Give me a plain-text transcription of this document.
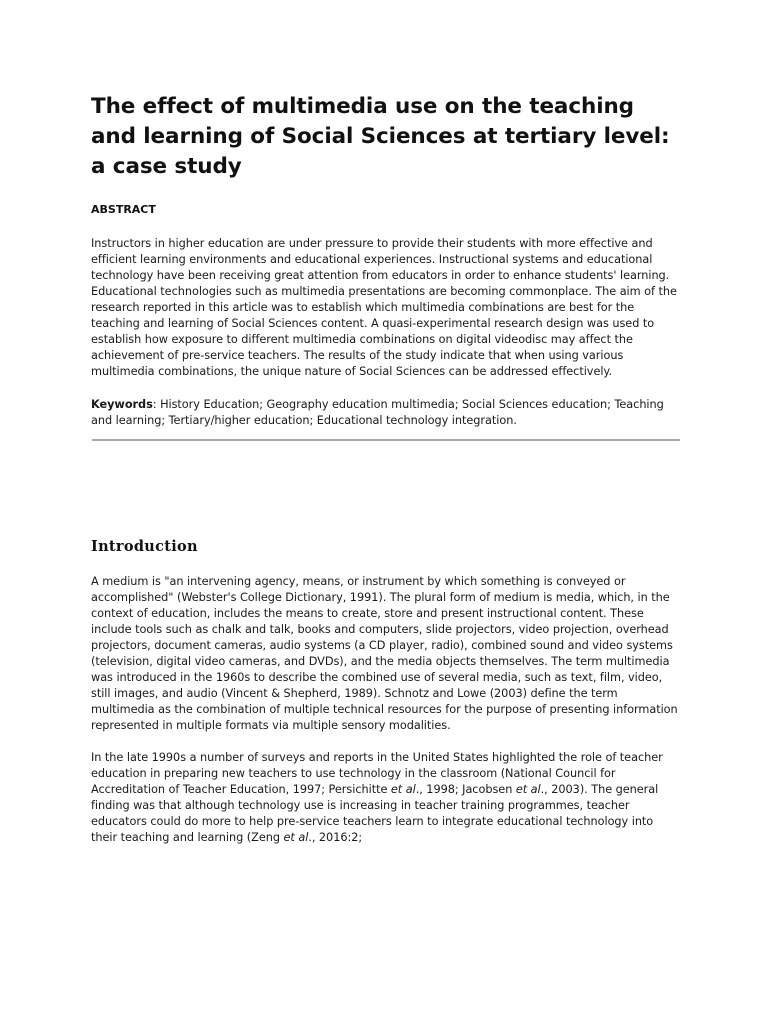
The effect of multimedia use on the teaching and learning of Social Sciences at tertiary level: a case study
ABSTRACT

Instructors in higher education are under pressure to provide their students with more effective and efficient learning environments and educational experiences. Instructional systems and educational technology have been receiving great attention from educators in order to enhance students' learning. Educational technologies such as multimedia presentations are becoming commonplace. The aim of the research reported in this article was to establish which multimedia combinations are best for the teaching and learning of Social Sciences content. A quasi-experimental research design was used to establish how exposure to different multimedia combinations on digital videodisc may affect the achievement of pre-service teachers. The results of the study indicate that when using various multimedia combinations, the unique nature of Social Sciences can be addressed effectively.

Keywords: History Education; Geography education multimedia; Social Sciences education; Teaching and learning; Tertiary/higher education; Educational technology integration.

Introduction

A medium is "an intervening agency, means, or instrument by which something is conveyed or accomplished" (Webster's College Dictionary, 1991). The plural form of medium is media, which, in the context of education, includes the means to create, store and present instructional content. These include tools such as chalk and talk, books and computers, slide projectors, video projection, overhead projectors, document cameras, audio systems (a CD player, radio), combined sound and video systems (television, digital video cameras, and DVDs), and the media objects themselves. The term multimedia was introduced in the 1960s to describe the combined use of several media, such as text, film, video, still images, and audio (Vincent & Shepherd, 1989). Schnotz and Lowe (2003) define the term multimedia as the combination of multiple technical resources for the purpose of presenting information represented in multiple formats via multiple sensory modalities.

In the late 1990s a number of surveys and reports in the United States highlighted the role of teacher education in preparing new teachers to use technology in the classroom (National Council for Accreditation of Teacher Education, 1997; Persichitte et al., 1998; Jacobsen et al., 2003). The general finding was that although technology use is increasing in teacher training programmes, teacher educators could do more to help pre-service teachers learn to integrate educational technology into their teaching and learning (Zeng et al., 2016:2;
